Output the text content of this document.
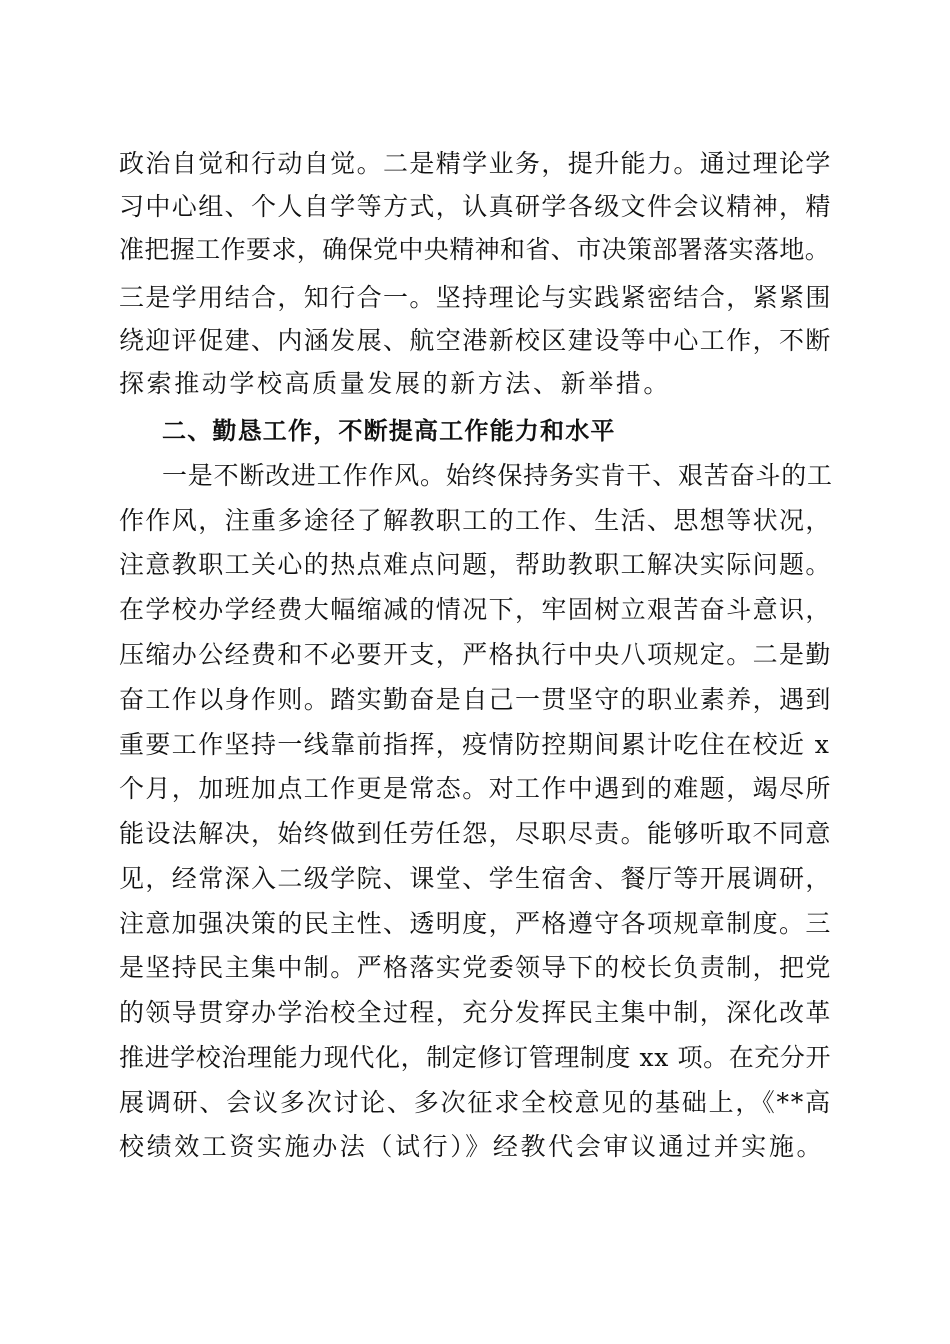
政治自觉和行动自觉。二是精学业务，提升能力。通过理论学
习中心组、个人自学等方式，认真研学各级文件会议精神，精
准把握工作要求，确保党中央精神和省、市决策部署落实落地。
三是学用结合，知行合一。坚持理论与实践紧密结合，紧紧围
绕迎评促建、内涵发展、航空港新校区建设等中心工作，不断
探索推动学校高质量发展的新方法、新举措。
二、勤恳工作，不断提高工作能力和水平
一是不断改进工作作风。始终保持务实肯干、艰苦奋斗的工
作作风，注重多途径了解教职工的工作、生活、思想等状况，
注意教职工关心的热点难点问题，帮助教职工解决实际问题。
在学校办学经费大幅缩减的情况下，牢固树立艰苦奋斗意识，
压缩办公经费和不必要开支，严格执行中央八项规定。二是勤
奋工作以身作则。踏实勤奋是自己一贯坚守的职业素养，遇到
重要工作坚持一线靠前指挥，疫情防控期间累计吃住在校近 x
个月，加班加点工作更是常态。对工作中遇到的难题，竭尽所
能设法解决，始终做到任劳任怨，尽职尽责。能够听取不同意
见，经常深入二级学院、课堂、学生宿舍、餐厅等开展调研，
注意加强决策的民主性、透明度，严格遵守各项规章制度。三
是坚持民主集中制。严格落实党委领导下的校长负责制，把党
的领导贯穿办学治校全过程，充分发挥民主集中制，深化改革
推进学校治理能力现代化，制定修订管理制度 xx 项。在充分开
展调研、会议多次讨论、多次征求全校意见的基础上，《**高
校绩效工资实施办法（试行）》经教代会审议通过并实施。
